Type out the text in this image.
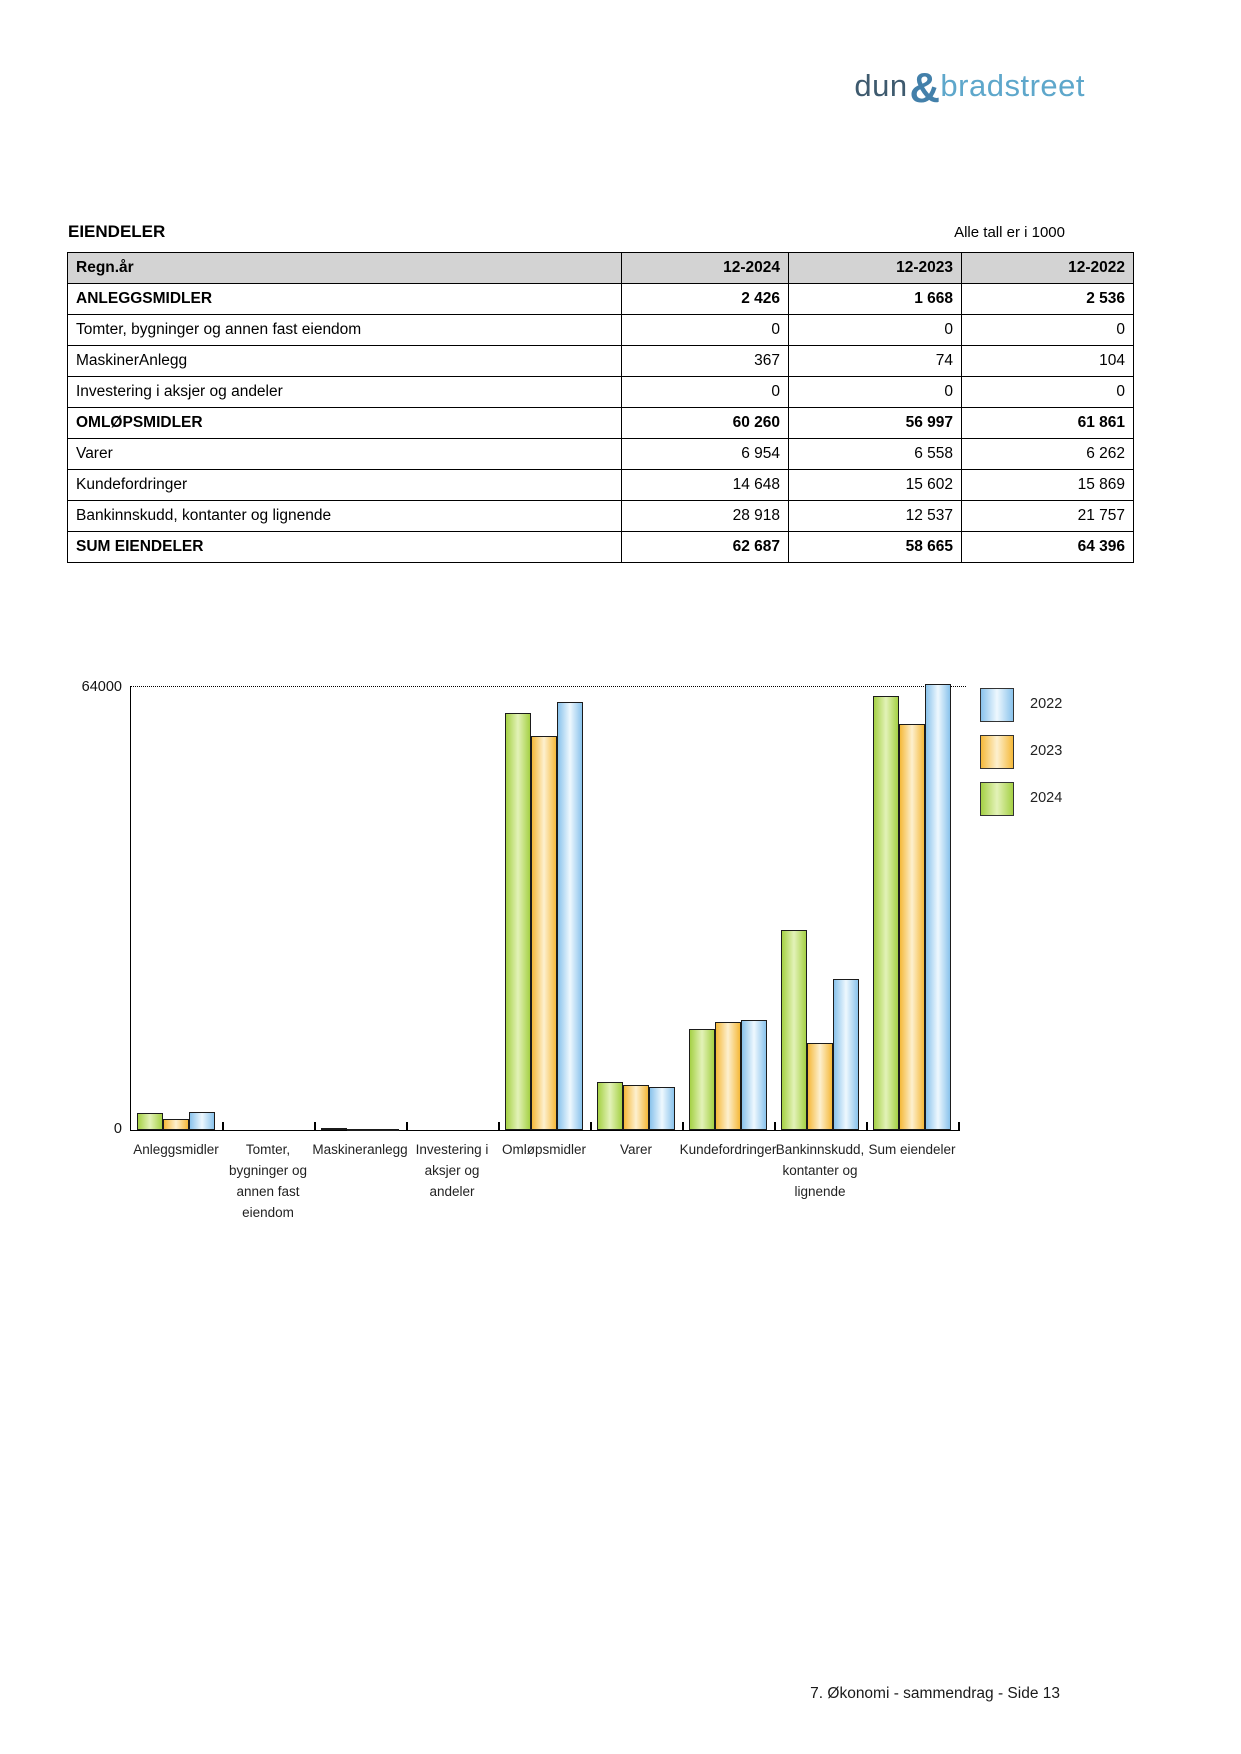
dun&bradstreet
EIENDELER	Alle tall er i 1000
Regn.år	12-2024	12-2023	12-2022
ANLEGGSMIDLER	2 426	1 668	2 536
Tomter, bygninger og annen fast eiendom	0	0	0
MaskinerAnlegg	367	74	104
Investering i aksjer og andeler	0	0	0
OMLØPSMIDLER	60 260	56 997	61 861
Varer	6 954	6 558	6 262
Kundefordringer	14 648	15 602	15 869
Bankinnskudd, kontanter og lignende	28 918	12 537	21 757
SUM EIENDELER	62 687	58 665	64 396
64000
0
Anleggsmidler	Tomter,
bygninger og
annen fast
eiendom
Maskineranlegg Investering i
aksjer og
andeler
Omløpsmidler	Varer	Kundefordringer Bankinnskudd,
kontanter og
lignende
Sum eiendeler
2022
2023
2024
7. Økonomi - sammendrag - Side 13
